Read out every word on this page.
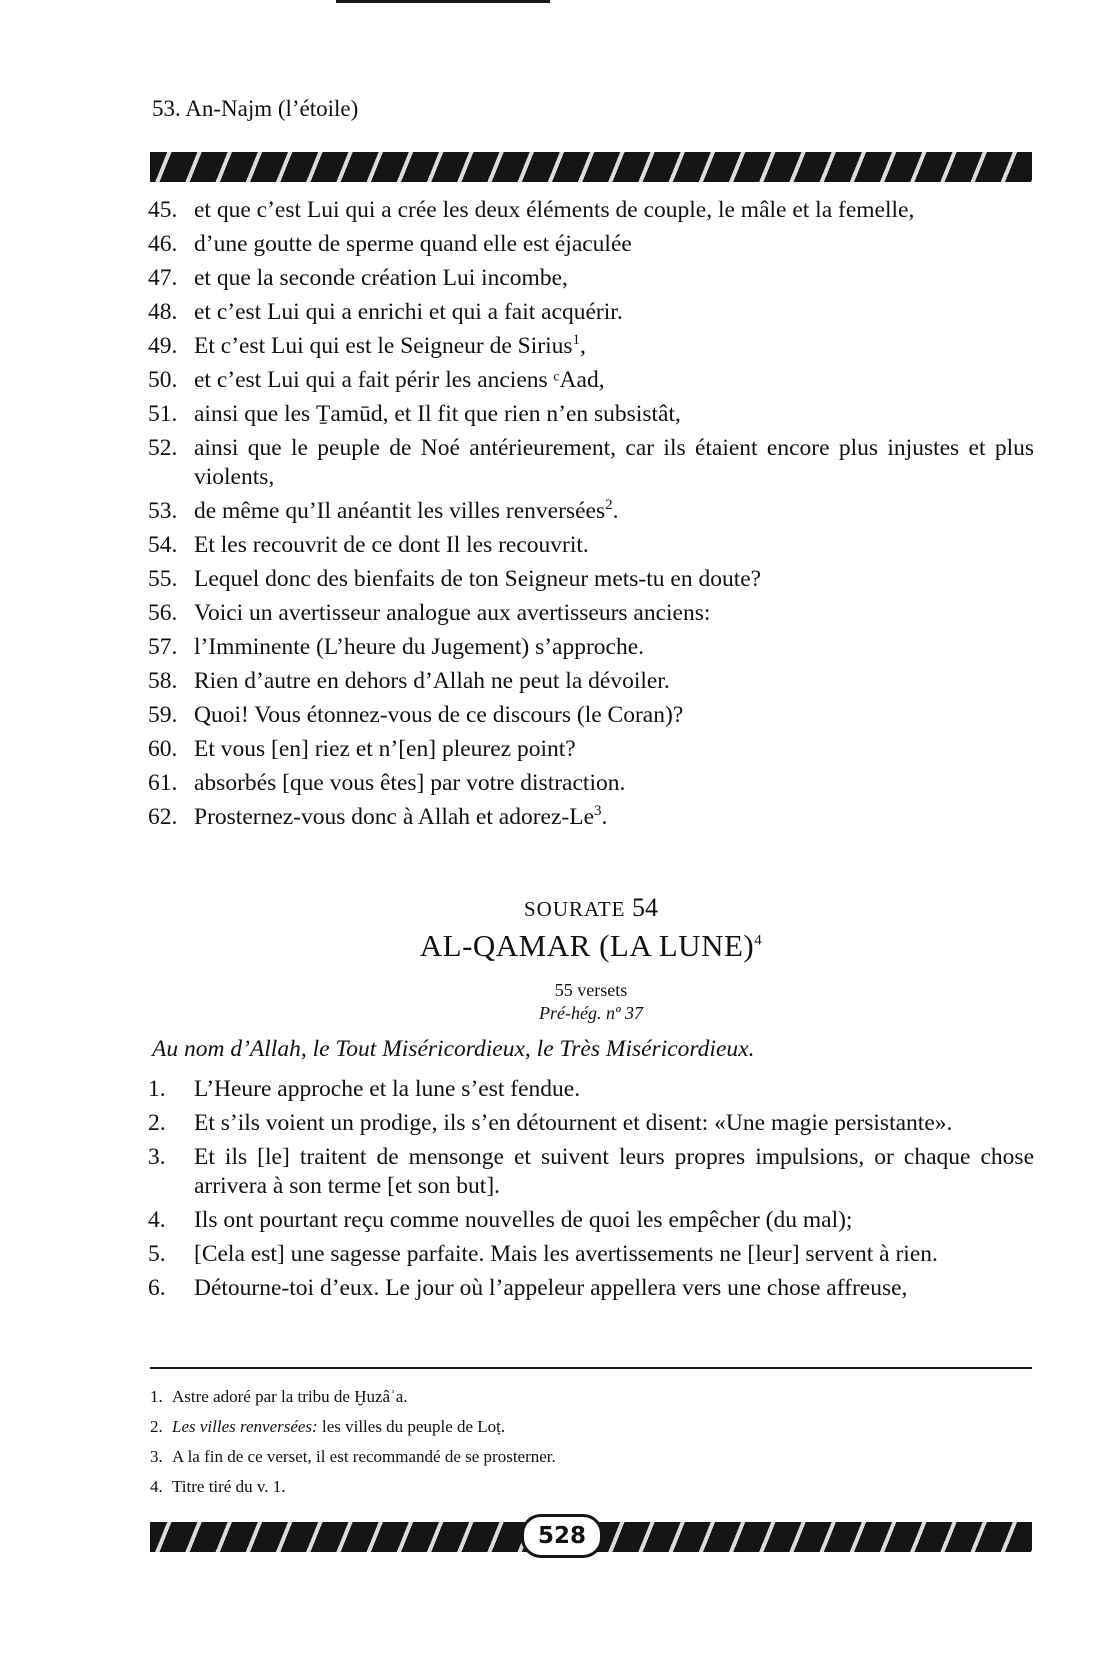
53. An-Najm (l’étoile)
45. et que c’est Lui qui a crée les deux éléments de couple, le mâle et la femelle,
46. d’une goutte de sperme quand elle est éjaculée
47. et que la seconde création Lui incombe,
48. et c’est Lui qui a enrichi et qui a fait acquérir.
49. Et c’est Lui qui est le Seigneur de Sirius$^1$,
50. et c’est Lui qui a fait périr les anciens ᶜAad,
51. ainsi que les Ṯamūd, et Il fit que rien n’en subsistât,
52. ainsi que le peuple de Noé antérieurement, car ils étaient encore plus injustes et plus violents,
53. de même qu’Il anéantit les villes renversées$^2$.
54. Et les recouvrit de ce dont Il les recouvrit.
55. Lequel donc des bienfaits de ton Seigneur mets-tu en doute?
56. Voici un avertisseur analogue aux avertisseurs anciens:
57. l’Imminente (L’heure du Jugement) s’approche.
58. Rien d’autre en dehors d’Allah ne peut la dévoiler.
59. Quoi! Vous étonnez-vous de ce discours (le Coran)?
60. Et vous [en] riez et n’[en] pleurez point?
61. absorbés [que vous êtes] par votre distraction.
62. Prosternez-vous donc à Allah et adorez-Le$^3$.
SOURATE 54
AL-QAMAR (LA LUNE)$^4$
55 versets
Pré-hég. nº 37
Au nom d’Allah, le Tout Miséricordieux, le Très Miséricordieux.
1.	L’Heure approche et la lune s’est fendue.
2.	Et s’ils voient un prodige, ils s’en détournent et disent: «Une magie persistante».
3.	Et ils [le] traitent de mensonge et suivent leurs propres impulsions, or chaque chose arrivera à son terme [et son but].
4.	Ils ont pourtant reçu comme nouvelles de quoi les empêcher (du mal);
5.	[Cela est] une sagesse parfaite. Mais les avertissements ne [leur] servent à rien.
6.	Détourne-toi d’eux. Le jour où l’appeleur appellera vers une chose affreuse,
1. Astre adoré par la tribu de Ḫuzâʾa.
2. Les villes renversées: les villes du peuple de Loṭ.
3. A la fin de ce verset, il est recommandé de se prosterner.
4. Titre tiré du v. 1.
528
